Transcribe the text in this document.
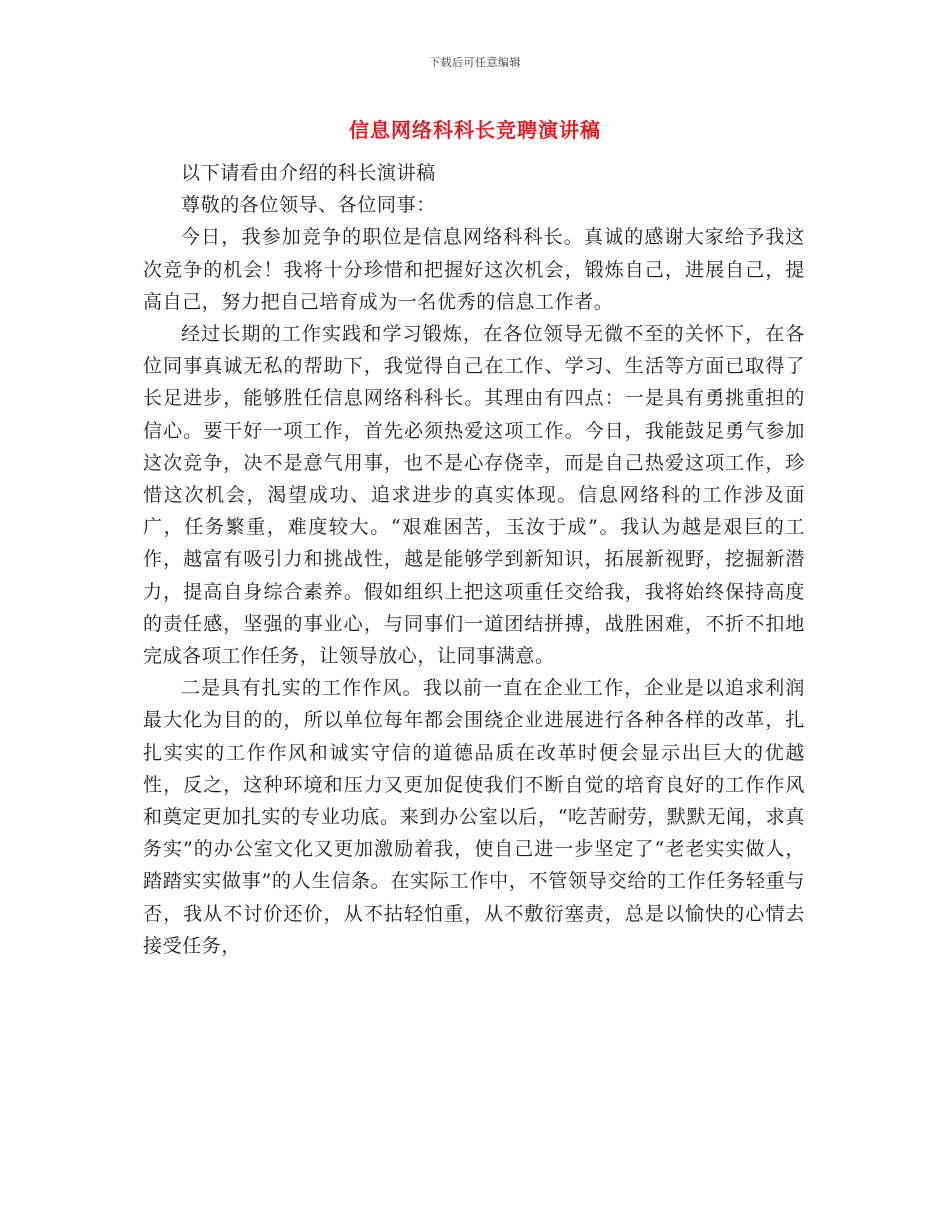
下载后可任意编辑
信息网络科科长竞聘演讲稿

以下请看由介绍的科长演讲稿

尊敬的各位领导、各位同事：

今日，我参加竞争的职位是信息网络科科长。真诚的感谢大家给予我这次竞争的机会！我将十分珍惜和把握好这次机会，锻炼自己，进展自己，提高自己，努力把自己培育成为一名优秀的信息工作者。

经过长期的工作实践和学习锻炼，在各位领导无微不至的关怀下，在各位同事真诚无私的帮助下，我觉得自己在工作、学习、生活等方面已取得了长足进步，能够胜任信息网络科科长。其理由有四点：一是具有勇挑重担的信心。要干好一项工作，首先必须热爱这项工作。今日，我能鼓足勇气参加这次竞争，决不是意气用事，也不是心存侥幸，而是自己热爱这项工作，珍惜这次机会，渴望成功、追求进步的真实体现。信息网络科的工作涉及面广，任务繁重，难度较大。“艰难困苦，玉汝于成”。我认为越是艰巨的工作，越富有吸引力和挑战性，越是能够学到新知识，拓展新视野，挖掘新潜力，提高自身综合素养。假如组织上把这项重任交给我，我将始终保持高度的责任感，坚强的事业心，与同事们一道团结拼搏，战胜困难，不折不扣地完成各项工作任务，让领导放心，让同事满意。

二是具有扎实的工作作风。我以前一直在企业工作，企业是以追求利润最大化为目的的，所以单位每年都会围绕企业进展进行各种各样的改革，扎扎实实的工作作风和诚实守信的道德品质在改革时便会显示出巨大的优越性，反之，这种环境和压力又更加促使我们不断自觉的培育良好的工作作风和奠定更加扎实的专业功底。来到办公室以后，“吃苦耐劳，默默无闻，求真务实”的办公室文化又更加激励着我，使自己进一步坚定了“老老实实做人，踏踏实实做事”的人生信条。在实际工作中，不管领导交给的工作任务轻重与否，我从不讨价还价，从不拈轻怕重，从不敷衍塞责，总是以愉快的心情去接受任务，
